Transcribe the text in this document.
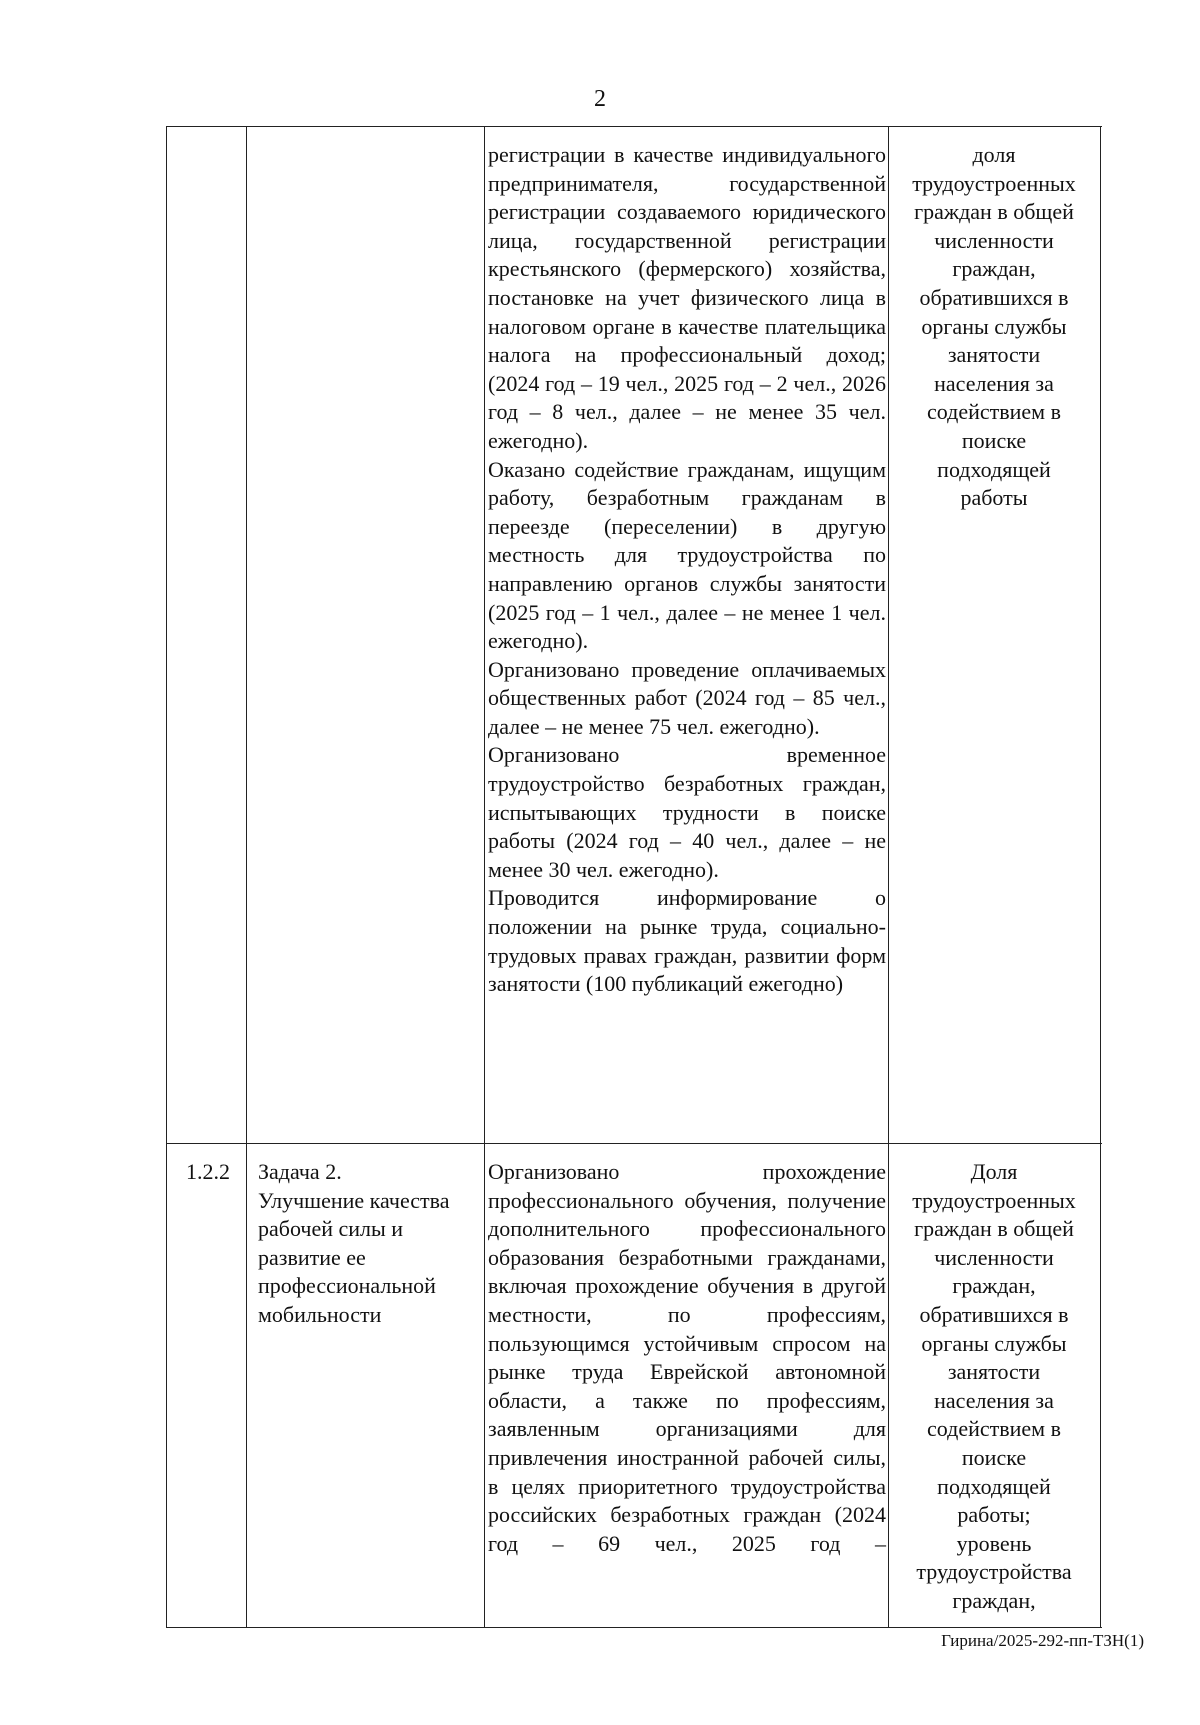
2

регистрации в качестве индивидуального предпринимателя, государственной регистрации создаваемого юридического лица, государственной регистрации крестьянского (фермерского) хозяйства, постановке на учет физического лица в налоговом органе в качестве плательщика налога на профессиональный доход; (2024 год – 19 чел., 2025 год – 2 чел., 2026 год – 8 чел., далее – не менее 35 чел. ежегодно).

Оказано содействие гражданам, ищущим работу, безработным гражданам в переезде (переселении) в другую местность для трудоустройства по направлению органов службы занятости (2025 год – 1 чел., далее – не менее 1 чел. ежегодно).

Организовано проведение оплачиваемых общественных работ (2024 год – 85 чел., далее – не менее 75 чел. ежегодно).

Организовано временное трудоустройство безработных граждан, испытывающих трудности в поиске работы (2024 год – 40 чел., далее – не менее 30 чел. ежегодно).

Проводится информирование о положении на рынке труда, социально-трудовых правах граждан, развитии форм занятости (100 публикаций ежегодно)

доля
трудоустроенных
граждан в общей
численности
граждан,
обратившихся в
органы службы
занятости
населения за
содействием в
поиске
подходящей
работы
1.2.2	Задача 2.
Улучшение качества
рабочей силы и
развитие ее
профессиональной
мобильности

Организовано прохождение профессионального обучения, получение дополнительного профессионального образования безработными гражданами, включая прохождение обучения в другой местности, по профессиям, пользующимся устойчивым спросом на рынке труда Еврейской автономной области, а также по профессиям, заявленным организациями для привлечения иностранной рабочей силы, в целях приоритетного трудоустройства российских безработных граждан (2024 год – 69 чел., 2025 год –

Доля
трудоустроенных
граждан в общей
численности
граждан,
обратившихся в
органы службы
занятости
населения за
содействием в
поиске
подходящей
работы;
уровень
трудоустройства
граждан,
Гирина/2025-292-пп-ТЗН(1)
